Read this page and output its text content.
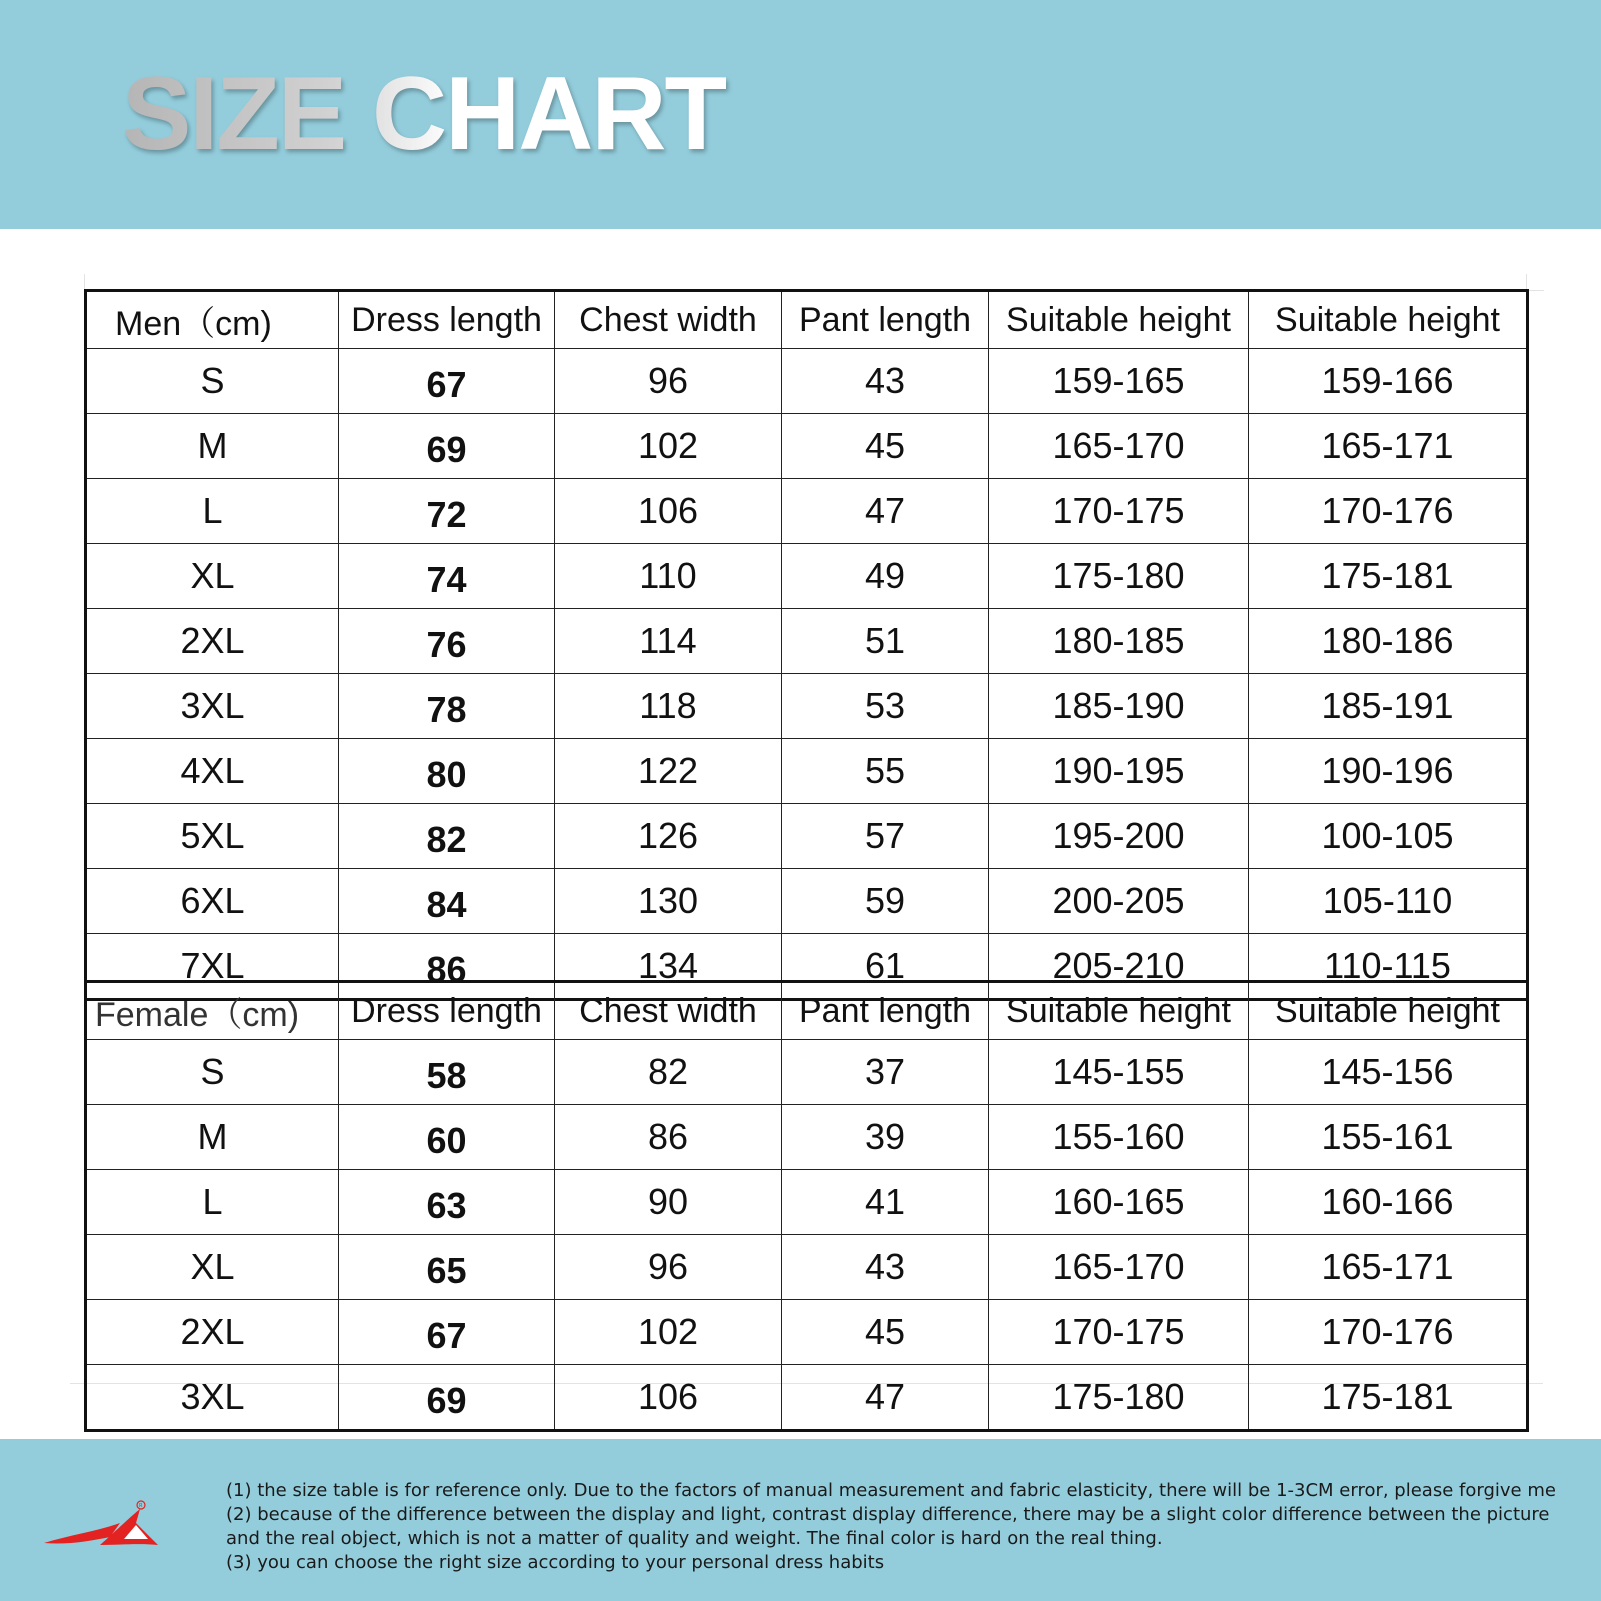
SIZE CHART
Men（cm)	Dress length	Chest width	Pant length	Suitable height	Suitable height
S	67	96	43	159-165	159-166
M	69	102	45	165-170	165-171
L	72	106	47	170-175	170-176
XL	74	110	49	175-180	175-181
2XL	76	114	51	180-185	180-186
3XL	78	118	53	185-190	185-191
4XL	80	122	55	190-195	190-196
5XL	82	126	57	195-200	100-105
6XL	84	130	59	200-205	105-110
7XL	86	134	61	205-210	110-115
Female（cm)	Dress length	Chest width	Pant length	Suitable height	Suitable height
S	58	82	37	145-155	145-156
M	60	86	39	155-160	155-161
L	63	90	41	160-165	160-166
XL	65	96	43	165-170	165-171
2XL	67	102	45	170-175	170-176
3XL	69	106	47	175-180	175-181
R
(1) the size table is for reference only. Due to the factors of manual measurement and fabric elasticity, there will be 1-3CM error, please forgive me
(2) because of the difference between the display and light, contrast display difference, there may be a slight color difference between the picture and the real object, which is not a matter of quality and weight. The final color is hard on the real thing.
(3) you can choose the right size according to your personal dress habits
